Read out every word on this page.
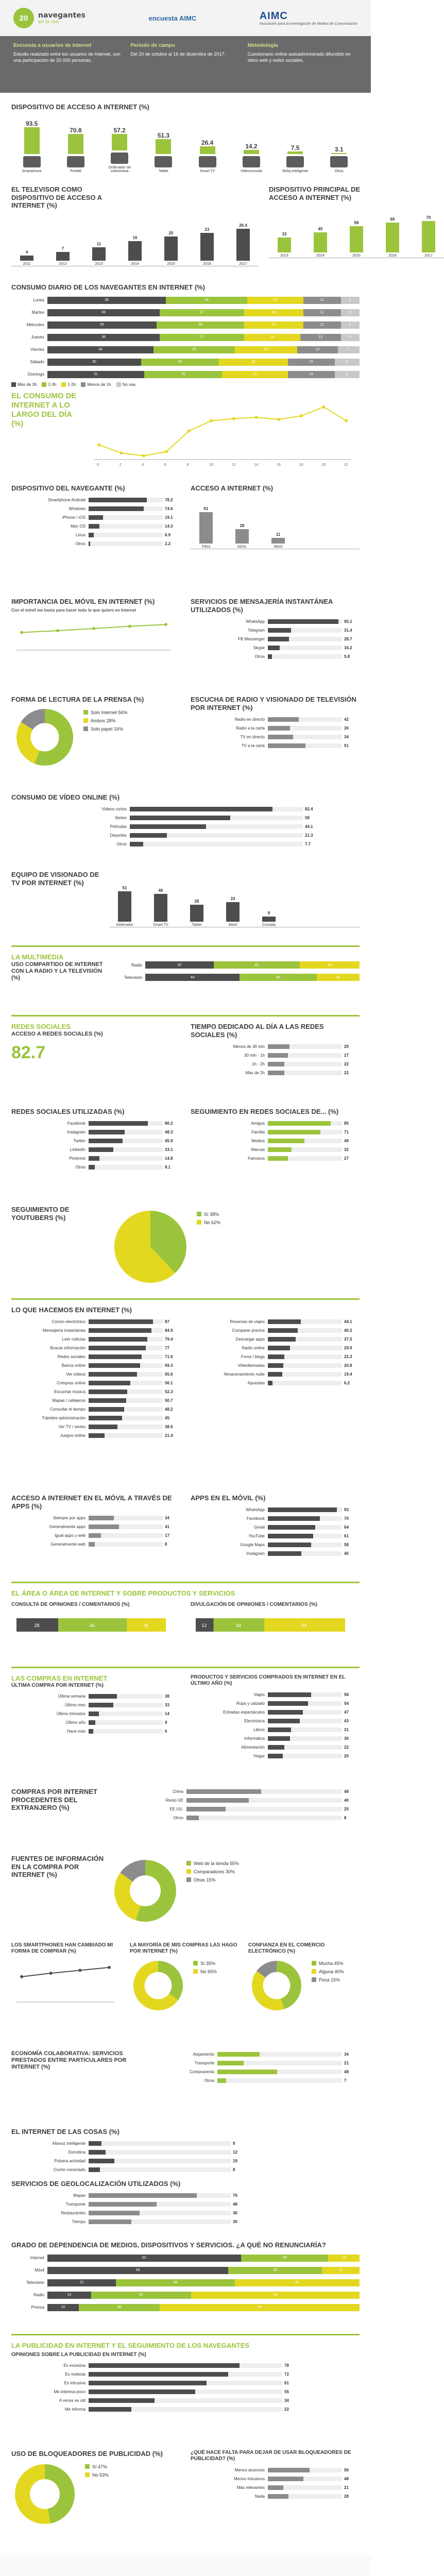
20	navegantes
en la red
encuesta AIMC	AIMC
Asociación para la Investigación de Medios de Comunicación
Encuesta a usuarios de Internet
Estudio realizado entre los usuarios de Internet, con una participación de 20.000 personas.
Periodo de campo
Del 20 de octubre al 16 de diciembre de 2017.
Metodología
Cuestionario online autoadministrado difundido en sitios web y redes sociales.
DISPOSITIVO DE ACCESO A INTERNET (%)
93.5
Smartphone
70.8
Portátil
57.2
Ordenador de sobremesa
51.3
Tablet
26.4
Smart TV
14.2
Videoconsola
7.5
Reloj inteligente
3.1
Otros
EL TELEVISOR COMO DISPOSITIVO DE ACCESO A INTERNET (%)
4
2011
7
2012
11
2013
16
2014
20
2015
23
2016
26.4
2017
DISPOSITIVO PRINCIPAL DE ACCESO A INTERNET (%)
33
2013
45
2014
58
2015
66
2016
70
2017
CONSUMO DIARIO DE LOS NAVEGANTES EN INTERNET (%)
Lunes	38	26	18	12	6
Martes	36	27	19	12	6
Miércoles	35	28	19	12	6
Jueves	36	27	18	13	6
Viernes	34	26	20	13	7
Sábado	30	25	22	15	8
Domingo	31	25	21	15	8
Más de 3h	2-3h	1-2h	Menos de 1h	No usa
EL CONSUMO DE INTERNET A LO LARGO DEL DÍA (%)
0	2	4	6	8	10	12	14	16	18	20	22
DISPOSITIVO DEL NAVEGANTE (%)
Smartphone Android	78.2
Windows	74.6
iPhone / iOS	19.1
Mac OS	14.3
Linux	6.9
Otros	2.2
ACCESO A INTERNET (%)
61
Fibra
28
ADSL
11
Móvil
IMPORTANCIA DEL MÓVIL EN INTERNET (%)
Con el móvil me basta para hacer todo lo que quiero en Internet
SERVICIOS DE MENSAJERÍA INSTANTÁNEA UTILIZADOS (%)
WhatsApp	95.1
Telegram	31.4
FB Messenger	28.7
Skype	16.2
Otros	5.8
FORMA DE LECTURA DE LA PRENSA (%)
Solo Internet 56%
Ambos 28%
Solo papel 16%
ESCUCHA DE RADIO Y VISIONADO DE TELEVISIÓN POR INTERNET (%)
Radio en directo	42
Radio a la carta	30
TV en directo	34
TV a la carta	51
CONSUMO DE VÍDEO ONLINE (%)
Vídeos cortos	82.4
Series	58
Películas	44.1
Deportes	21.3
Otros	7.7
EQUIPO DE VISIONADO DE TV POR INTERNET (%)
51
Ordenador
46
Smart TV
28
Tablet
33
Móvil
9
Consola
LA MULTIMEDIA
USO COMPARTIDO DE INTERNET CON LA RADIO Y LA TELEVISIÓN (%)
Radio	32	40	28
Televisión	44	36	20
REDES SOCIALES
ACCESO A REDES SOCIALES (%)
82.7
TIEMPO DEDICADO AL DÍA A LAS REDES SOCIALES (%)
Menos de 30 min	29
30 min - 1h	27
1h - 2h	22
Más de 2h	22
REDES SOCIALES UTILIZADAS (%)
Facebook	80.2
Instagram	48.3
Twitter	45.9
LinkedIn	33.1
Pinterest	14.8
Otras	8.1
SEGUIMIENTO EN REDES SOCIALES DE... (%)
Amigos	85
Familia	71
Medios	49
Marcas	32
Famosos	27
SEGUIMIENTO DE YOUTUBERS (%)	Sí 38%
No 62%
LO QUE HACEMOS EN INTERNET (%)
Correo electrónico	87
Mensajería instantánea	84.9
Leer noticias	79.4
Buscar información	77
Redes sociales	71.6
Banca online	69.3
Ver vídeos	65.6
Compras online	56.1
Escuchar música	52.3
Mapas / callejeros	50.7
Consultar el tiempo	48.2
Trámites administración	45
Ver TV / series	38.6
Juegos online	21.4
Reservas de viajes	44.1
Comparar precios	40.2
Descargar apps	37.5
Radio online	29.9
Foros / blogs	22.3
Videollamadas	20.8
Almacenamiento nube	19.4
Apuestas	6.2
ACCESO A INTERNET EN EL MÓVIL A TRAVÉS DE APPS (%)
Siempre por apps	34
Generalmente apps	41
Igual apps y web	17
Generalmente web	8
APPS EN EL MÓVIL (%)
WhatsApp	93
Facebook	70
Gmail	64
YouTube	61
Google Maps	58
Instagram	45
EL ÁREA O ÁREA DE INTERNET Y SOBRE PRODUCTOS Y SERVICIOS
CONSULTA DE OPINIONES / COMENTARIOS (%)
28	46	26
DIVULGACIÓN DE OPINIONES / COMENTARIOS (%)
12	34	54
LAS COMPRAS EN INTERNET
ÚLTIMA COMPRA POR INTERNET (%)
Última semana	38
Último mes	33
Último trimestre	14
Último año	9
Hace más	6
PRODUCTOS Y SERVICIOS COMPRADOS EN INTERNET EN EL ÚLTIMO AÑO (%)
Viajes	58
Ropa y calzado	54
Entradas espectáculos	47
Electrónica	43
Libros	31
Informática	30
Alimentación	22
Hogar	20
COMPRAS POR INTERNET PROCEDENTES DEL EXTRANJERO (%)
China	48
Resto UE	40
EE.UU.	25
Otros	8
FUENTES DE INFORMACIÓN EN LA COMPRA POR INTERNET (%)
Web de la tienda 55%
Comparadores 30%
Otras 15%
LOS SMARTPHONES HAN CAMBIADO MI FORMA DE COMPRAR (%)
LA MAYORÍA DE MIS COMPRAS LAS HAGO POR INTERNET (%)
Sí 35%
No 65%
CONFIANZA EN EL COMERCIO ELECTRÓNICO (%)
Mucha 45%
Alguna 40%
Poca 15%
ECONOMÍA COLABORATIVA: SERVICIOS PRESTADOS ENTRE PARTICULARES POR INTERNET (%)
Alojamiento	34
Transporte	21
Compraventa	48
Otros	7
EL INTERNET DE LAS COSAS (%)
Altavoz inteligente	9
Domótica	12
Pulsera actividad	18
Coche conectado	8
SERVICIOS DE GEOLOCALIZACIÓN UTILIZADOS (%)
Mapas	76
Transporte	48
Restaurantes	36
Tiempo	30
GRADO DE DEPENDENCIA DE MEDIOS, DISPOSITIVOS Y SERVICIOS. ¿A QUÉ NO RENUNCIARÍA?
Internet	62	28	10
Móvil	58	30	12
Televisión	22	38	40
Radio	14	32	54
Prensa	10	26	64
LA PUBLICIDAD EN INTERNET Y EL SEGUIMIENTO DE LOS NAVEGANTES
OPINIONES SOBRE LA PUBLICIDAD EN INTERNET (%)
Es excesiva	78
Es molesta	72
Es intrusiva	61
Me interesa poco	55
A veces es útil	34
Me informa	22
USO DE BLOQUEADORES DE PUBLICIDAD (%)
Sí 47%
No 53%
¿QUÉ HACE FALTA PARA DEJAR DE USAR BLOQUEADORES DE PUBLICIDAD? (%)
Menos anuncios	56
Menos intrusivos	48
Más relevantes	21
Nada	28
